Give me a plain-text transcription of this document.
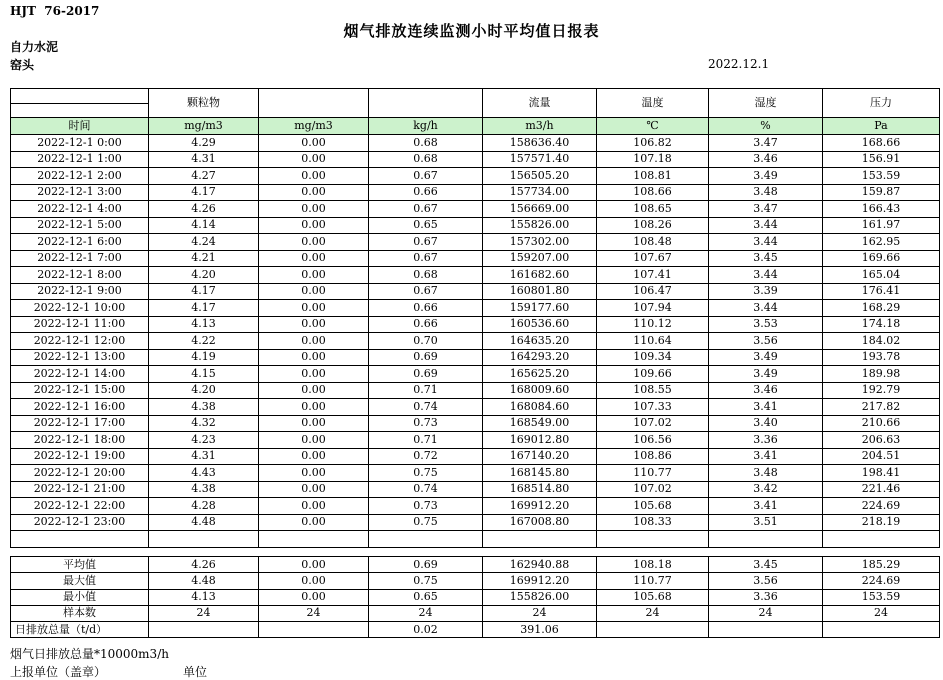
HJT  76-2017
烟气排放连续监测小时平均值日报表
自力水泥
窑头	2022.12.1
	颗粒物			流量	温度	湿度	压力

时间	mg/m3	mg/m3	kg/h	m3/h	℃	%	Pa
2022-12-1 0:00	4.29	0.00	0.68	158636.40	106.82	3.47	168.66
2022-12-1 1:00	4.31	0.00	0.68	157571.40	107.18	3.46	156.91
2022-12-1 2:00	4.27	0.00	0.67	156505.20	108.81	3.49	153.59
2022-12-1 3:00	4.17	0.00	0.66	157734.00	108.66	3.48	159.87
2022-12-1 4:00	4.26	0.00	0.67	156669.00	108.65	3.47	166.43
2022-12-1 5:00	4.14	0.00	0.65	155826.00	108.26	3.44	161.97
2022-12-1 6:00	4.24	0.00	0.67	157302.00	108.48	3.44	162.95
2022-12-1 7:00	4.21	0.00	0.67	159207.00	107.67	3.45	169.66
2022-12-1 8:00	4.20	0.00	0.68	161682.60	107.41	3.44	165.04
2022-12-1 9:00	4.17	0.00	0.67	160801.80	106.47	3.39	176.41
2022-12-1 10:00	4.17	0.00	0.66	159177.60	107.94	3.44	168.29
2022-12-1 11:00	4.13	0.00	0.66	160536.60	110.12	3.53	174.18
2022-12-1 12:00	4.22	0.00	0.70	164635.20	110.64	3.56	184.02
2022-12-1 13:00	4.19	0.00	0.69	164293.20	109.34	3.49	193.78
2022-12-1 14:00	4.15	0.00	0.69	165625.20	109.66	3.49	189.98
2022-12-1 15:00	4.20	0.00	0.71	168009.60	108.55	3.46	192.79
2022-12-1 16:00	4.38	0.00	0.74	168084.60	107.33	3.41	217.82
2022-12-1 17:00	4.32	0.00	0.73	168549.00	107.02	3.40	210.66
2022-12-1 18:00	4.23	0.00	0.71	169012.80	106.56	3.36	206.63
2022-12-1 19:00	4.31	0.00	0.72	167140.20	108.86	3.41	204.51
2022-12-1 20:00	4.43	0.00	0.75	168145.80	110.77	3.48	198.41
2022-12-1 21:00	4.38	0.00	0.74	168514.80	107.02	3.42	221.46
2022-12-1 22:00	4.28	0.00	0.73	169912.20	105.68	3.41	224.69
2022-12-1 23:00	4.48	0.00	0.75	167008.80	108.33	3.51	218.19

平均值	4.26	0.00	0.69	162940.88	108.18	3.45	185.29
最大值	4.48	0.00	0.75	169912.20	110.77	3.56	224.69
最小值	4.13	0.00	0.65	155826.00	105.68	3.36	153.59
样本数	24	24	24	24	24	24	24
日排放总量（t/d）			0.02	391.06			
烟气日排放总量*10000m3/h
上报单位（盖章）	单位
